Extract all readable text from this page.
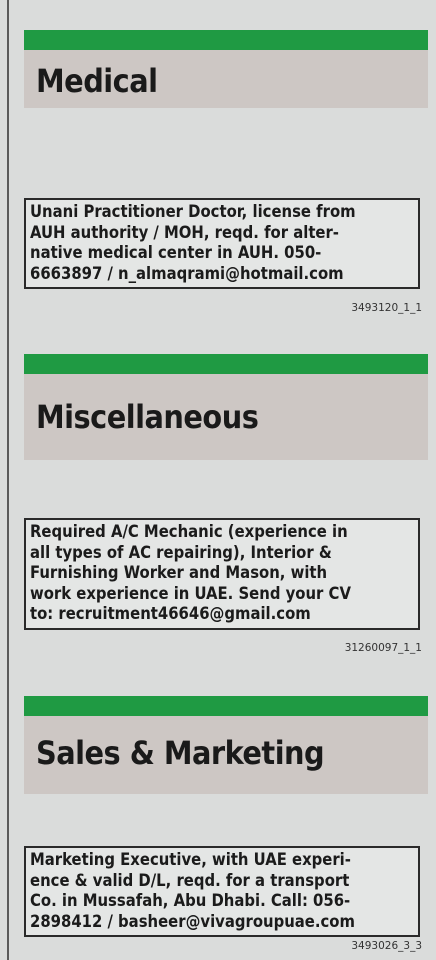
Medical
Unani Practitioner Doctor, license from
AUH authority / MOH, reqd. for alter-
native medical center in AUH. 050-
6663897 / n_almaqrami@hotmail.com
3493120_1_1
Miscellaneous
Required A/C Mechanic (experience in
all types of AC repairing), Interior &
Furnishing Worker and Mason, with
work experience in UAE. Send your CV
to: recruitment46646@gmail.com
31260097_1_1
Sales & Marketing
Marketing Executive, with UAE experi-
ence & valid D/L, reqd. for a transport
Co. in Mussafah, Abu Dhabi. Call: 056-
2898412 / basheer@vivagroupuae.com
3493026_3_3
